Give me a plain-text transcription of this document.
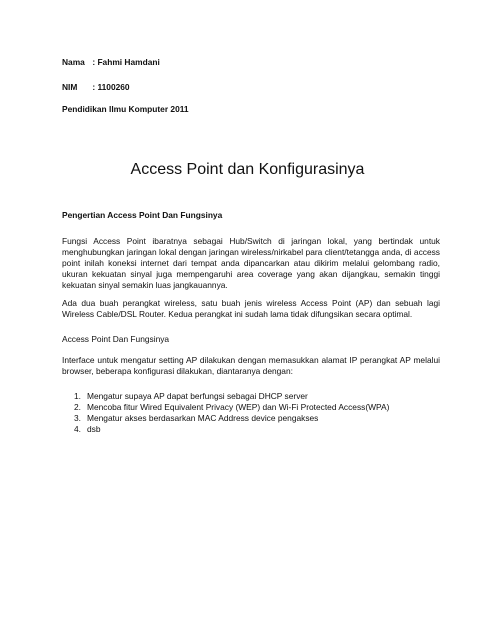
Nama : Fahmi Hamdani
NIM : 1100260
Pendidikan Ilmu Komputer 2011
Access Point dan Konfigurasinya
Pengertian Access Point Dan Fungsinya
Fungsi Access Point ibaratnya sebagai Hub/Switch di jaringan lokal, yang bertindak untuk menghubungkan jaringan lokal dengan jaringan wireless/nirkabel para client/tetangga anda, di access point inilah koneksi internet dari tempat anda dipancarkan atau dikirim melalui gelombang radio, ukuran kekuatan sinyal juga mempengaruhi area coverage yang akan dijangkau, semakin tinggi kekuatan sinyal semakin luas jangkauannya.
Ada dua buah perangkat wireless, satu buah jenis wireless Access Point (AP) dan sebuah lagi Wireless Cable/DSL Router. Kedua perangkat ini sudah lama tidak difungsikan secara optimal.
Access Point Dan Fungsinya
Interface untuk mengatur setting AP dilakukan dengan memasukkan alamat IP perangkat AP melalui browser, beberapa konfigurasi dilakukan, diantaranya dengan:
1. Mengatur supaya AP dapat berfungsi sebagai DHCP server
2. Mencoba fitur Wired Equivalent Privacy (WEP) dan Wi-Fi Protected Access(WPA)
3. Mengatur akses berdasarkan MAC Address device pengakses
4. dsb
